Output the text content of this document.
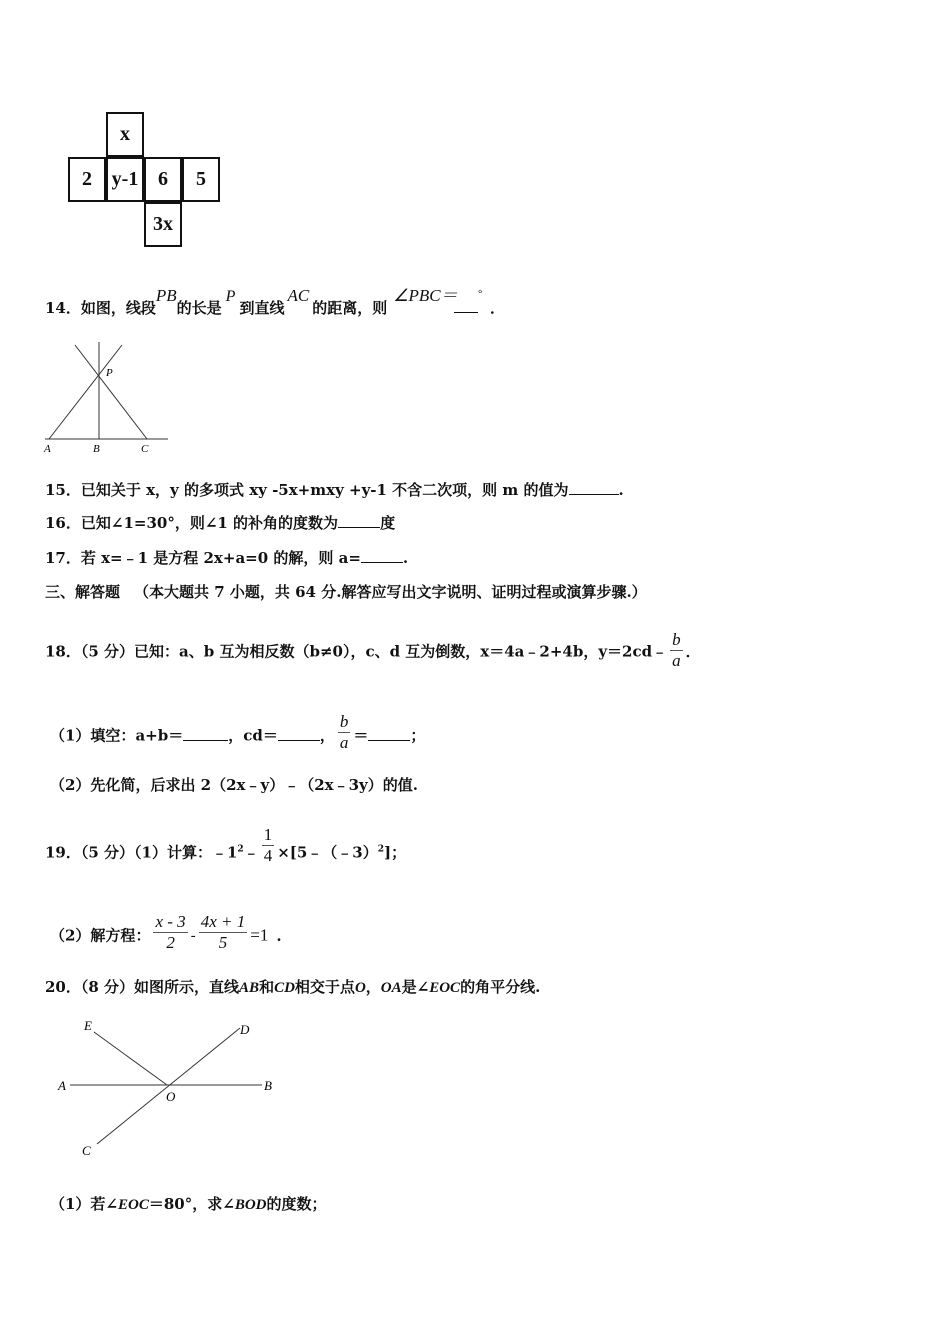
x
2 y-1 6 5
3x
14．如图，线段PB的长是P到直线AC的距离，则∠PBC＝ °．
A	B	C
P
15．已知关于 x，y 的多项式 xy -5x+mxy +y-1 不含二次项，则 m 的值为	.
16．已知∠1=30°，则∠1 的补角的度数为	度
17．若 x=﹣1 是方程 2x+a=0 的解，则 a=	.
三、解答题 （本大题共 7 小题，共 64 分.解答应写出文字说明、证明过程或演算步骤.）
18．（5 分）已知：a、b 互为相反数（b≠0），c、d 互为倒数，x＝4a﹣2+4b，y＝2cd﹣ $\frac{b}{a}$ ．
（1）填空：a+b＝	，cd＝	， $\frac{b}{a}$ ＝	；
（2）先化简，后求出 2（2x﹣y）﹣（2x﹣3y）的值.
19．（5 分）（1）计算：$﹣1^2﹣ \frac{1}{4}$ ×[5﹣（﹣3）$^2$]；
（2）解方程： $\frac{x - 3}{2} - \frac{4x + 1}{5} =1$ .
20．（8 分）如图所示，直线AB和CD相交于点O，OA是∠EOC的角平分线.
E	D
A
O
B
C
（1）若∠EOC＝80°，求∠BOD的度数；
